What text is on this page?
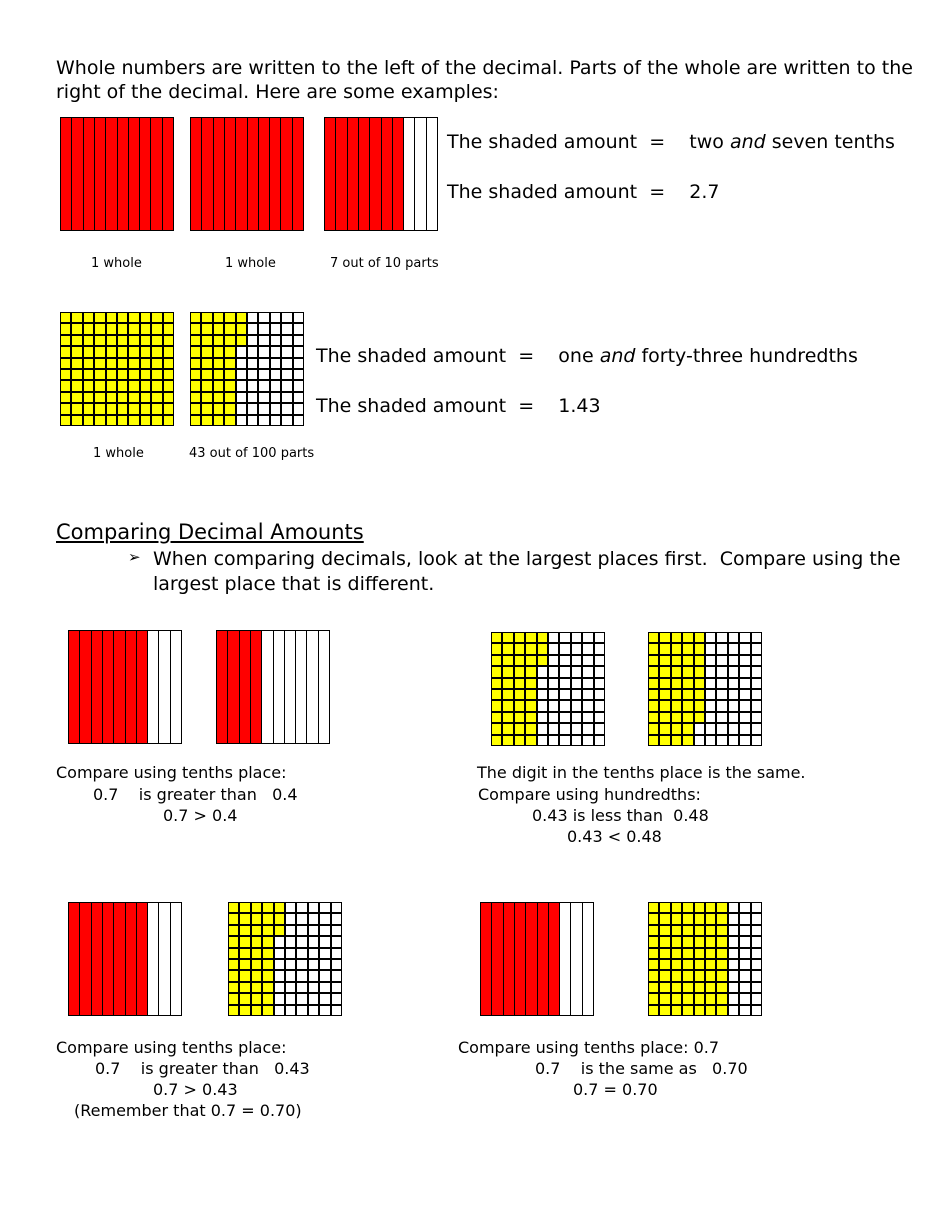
Whole numbers are written to the left of the decimal. Parts of the whole are written to the right of the decimal. Here are some examples:
1 whole	1 whole	7 out of 10 parts
The shaded amount  =    two and seven tenths
The shaded amount  =    2.7
1 whole	43 out of 100 parts
The shaded amount  =    one and forty-three hundredths
The shaded amount  =    1.43
Comparing Decimal Amounts
➢ When comparing decimals, look at the largest places first.  Compare using the
largest place that is different.
Compare using tenths place:
0.7    is greater than   0.4
0.7 > 0.4
The digit in the tenths place is the same.
Compare using hundredths:
0.43 is less than  0.48
0.43 < 0.48
Compare using tenths place:
0.7    is greater than   0.43
0.7 > 0.43
(Remember that 0.7 = 0.70)
Compare using tenths place: 0.7
0.7    is the same as   0.70
0.7 = 0.70
